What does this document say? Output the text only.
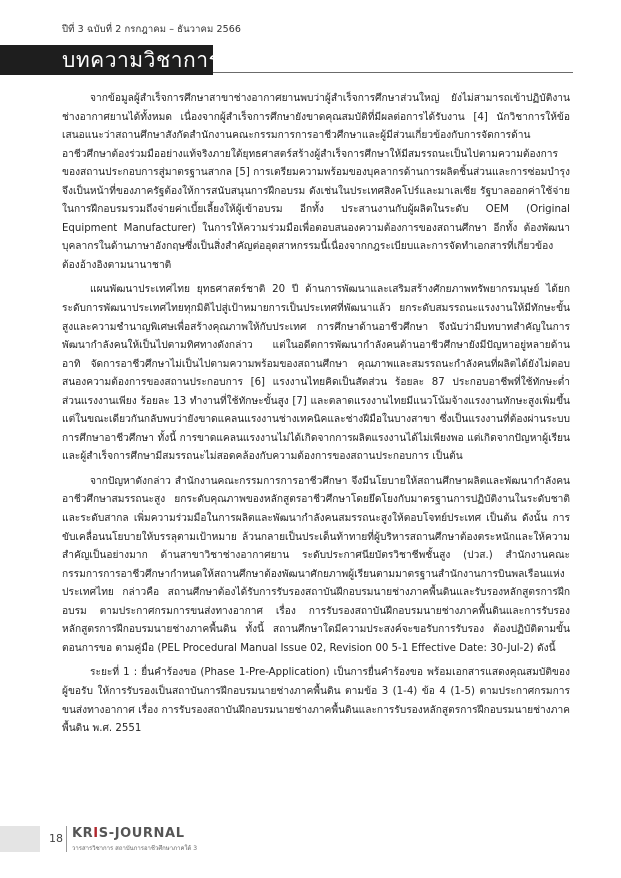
ปีที่ 3 ฉบับที่ 2 กรกฎาคม – ธันวาคม 2566
บทความวิชาการ

จากข้อมูลผู้สำเร็จการศึกษาสาขาช่างอากาศยานพบว่าผู้สำเร็จการศึกษาส่วนใหญ่ ยังไม่สามารถเข้าปฏิบัติงานช่างอากาศยานได้ทั้งหมด เนื่องจากผู้สำเร็จการศึกษายังขาดคุณสมบัติที่มีผลต่อการได้รับงาน [4] นักวิชาการให้ข้อเสนอแนะว่าสถานศึกษาสังกัดสำนักงานคณะกรรมการการอาชีวศึกษาและผู้มีส่วนเกี่ยวข้องกับการจัดการด้านอาชีวศึกษาต้องร่วมมืออย่างแท้จริงภายใต้ยุทธศาสตร์สร้างผู้สำเร็จการศึกษาให้มีสมรรถนะเป็นไปตามความต้องการของสถานประกอบการสู่มาตรฐานสากล [5] การเตรียมความพร้อมของบุคลากรด้านการผลิตชิ้นส่วนและการซ่อมบำรุงจึงเป็นหน้าที่ของภาครัฐต้องให้การสนับสนุนการฝึกอบรม ดังเช่นในประเทศสิงคโปร์และมาเลเซีย รัฐบาลออกค่าใช้จ่ายในการฝึกอบรมรวมถึงจ่ายค่าเบี้ยเลี้ยงให้ผู้เข้าอบรม อีกทั้ง ประสานงานกับผู้ผลิตในระดับ OEM (Original Equipment Manufacturer) ในการให้ความร่วมมือเพื่อตอบสนองความต้องการของสถานศึกษา อีกทั้ง ต้องพัฒนาบุคลากรในด้านภาษาอังกฤษซึ่งเป็นสิ่งสำคัญต่ออุตสาหกรรมนี้เนื่องจากกฎระเบียบและการจัดทำเอกสารที่เกี่ยวข้องต้องอ้างอิงตามนานาชาติ

แผนพัฒนาประเทศไทย ยุทธศาสตร์ชาติ 20 ปี ด้านการพัฒนาและเสริมสร้างศักยภาพทรัพยากรมนุษย์ ได้ยกระดับการพัฒนาประเทศไทยทุกมิติไปสู่เป้าหมายการเป็นประเทศที่พัฒนาแล้ว ยกระดับสมรรถนะแรงงานให้มีทักษะขั้นสูงและความชำนาญพิเศษเพื่อสร้างคุณภาพให้กับประเทศ การศึกษาด้านอาชีวศึกษา จึงนับว่ามีบทบาทสำคัญในการพัฒนากำลังคนให้เป็นไปตามทิศทางดังกล่าว แต่ในอดีตการพัฒนากำลังคนด้านอาชีวศึกษายังมีปัญหาอยู่หลายด้าน อาทิ จัดการอาชีวศึกษาไม่เป็นไปตามความพร้อมของสถานศึกษา คุณภาพและสมรรถนะกำลังคนที่ผลิตได้ยังไม่ตอบสนองความต้องการของสถานประกอบการ [6] แรงงานไทยคิดเป็นสัดส่วน ร้อยละ 87 ประกอบอาชีพที่ใช้ทักษะต่ำ ส่วนแรงงานเพียง ร้อยละ 13 ทำงานที่ใช้ทักษะขั้นสูง [7] และตลาดแรงงานไทยมีแนวโน้มจ้างแรงงานทักษะสูงเพิ่มขึ้น แต่ในขณะเดียวกันกลับพบว่ายังขาดแคลนแรงงานช่างเทคนิคและช่างฝีมือในบางสาขา ซึ่งเป็นแรงงานที่ต้องผ่านระบบการศึกษาอาชีวศึกษา ทั้งนี้ การขาดแคลนแรงงานไม่ได้เกิดจากการผลิตแรงงานได้ไม่เพียงพอ แต่เกิดจากปัญหาผู้เรียนและผู้สำเร็จการศึกษามีสมรรถนะไม่สอดคล้องกับความต้องการของสถานประกอบการ เป็นต้น

จากปัญหาดังกล่าว สำนักงานคณะกรรมการการอาชีวศึกษา จึงมีนโยบายให้สถานศึกษาผลิตและพัฒนากำลังคนอาชีวศึกษาสมรรถนะสูง ยกระดับคุณภาพของหลักสูตรอาชีวศึกษาโดยยึดโยงกับมาตรฐานการปฏิบัติงานในระดับชาติและระดับสากล เพิ่มความร่วมมือในการผลิตและพัฒนากำลังคนสมรรถนะสูงให้ตอบโจทย์ประเทศ เป็นต้น ดังนั้น การขับเคลื่อนนโยบายให้บรรลุตามเป้าหมาย ล้วนกลายเป็นประเด็นท้าทายที่ผู้บริหารสถานศึกษาต้องตระหนักและให้ความสำคัญเป็นอย่างมาก ด้านสาขาวิชาช่างอากาศยาน ระดับประกาศนียบัตรวิชาชีพชั้นสูง (ปวส.) สำนักงานคณะกรรมการการอาชีวศึกษากำหนดให้สถานศึกษาต้องพัฒนาศักยภาพผู้เรียนตามมาตรฐานสำนักงานการบินพลเรือนแห่งประเทศไทย กล่าวคือ สถานศึกษาต้องได้รับการรับรองสถาบันฝึกอบรมนายช่างภาคพื้นดินและรับรองหลักสูตรการฝึกอบรม ตามประกาศกรมการขนส่งทางอากาศ เรื่อง การรับรองสถาบันฝึกอบรมนายช่างภาคพื้นดินและการรับรองหลักสูตรการฝึกอบรมนายช่างภาคพื้นดิน ทั้งนี้ สถานศึกษาใดมีความประสงค์จะขอรับการรับรอง ต้องปฏิบัติตามขั้นตอนการขอ ตามคู่มือ (PEL Procedural Manual Issue 02, Revision 00 5-1 Effective Date: 30-Jul-2) ดังนี้

ระยะที่ 1 : ยื่นคำร้องขอ (Phase 1-Pre-Application) เป็นการยื่นคำร้องขอ พร้อมเอกสารแสดงคุณสมบัติของผู้ขอรับ ให้การรับรองเป็นสถาบันการฝึกอบรมนายช่างภาคพื้นดิน ตามข้อ 3 (1-4) ข้อ 4 (1-5) ตามประกาศกรมการขนส่งทางอากาศ เรื่อง การรับรองสถาบันฝึกอบรมนายช่างภาคพื้นดินและการรับรองหลักสูตรการฝึกอบรมนายช่างภาคพื้นดิน พ.ศ. 2551

18 KRIS-JOURNAL
วารสารวิชาการ สถาบันการอาชีวศึกษาภาคใต้ 3
